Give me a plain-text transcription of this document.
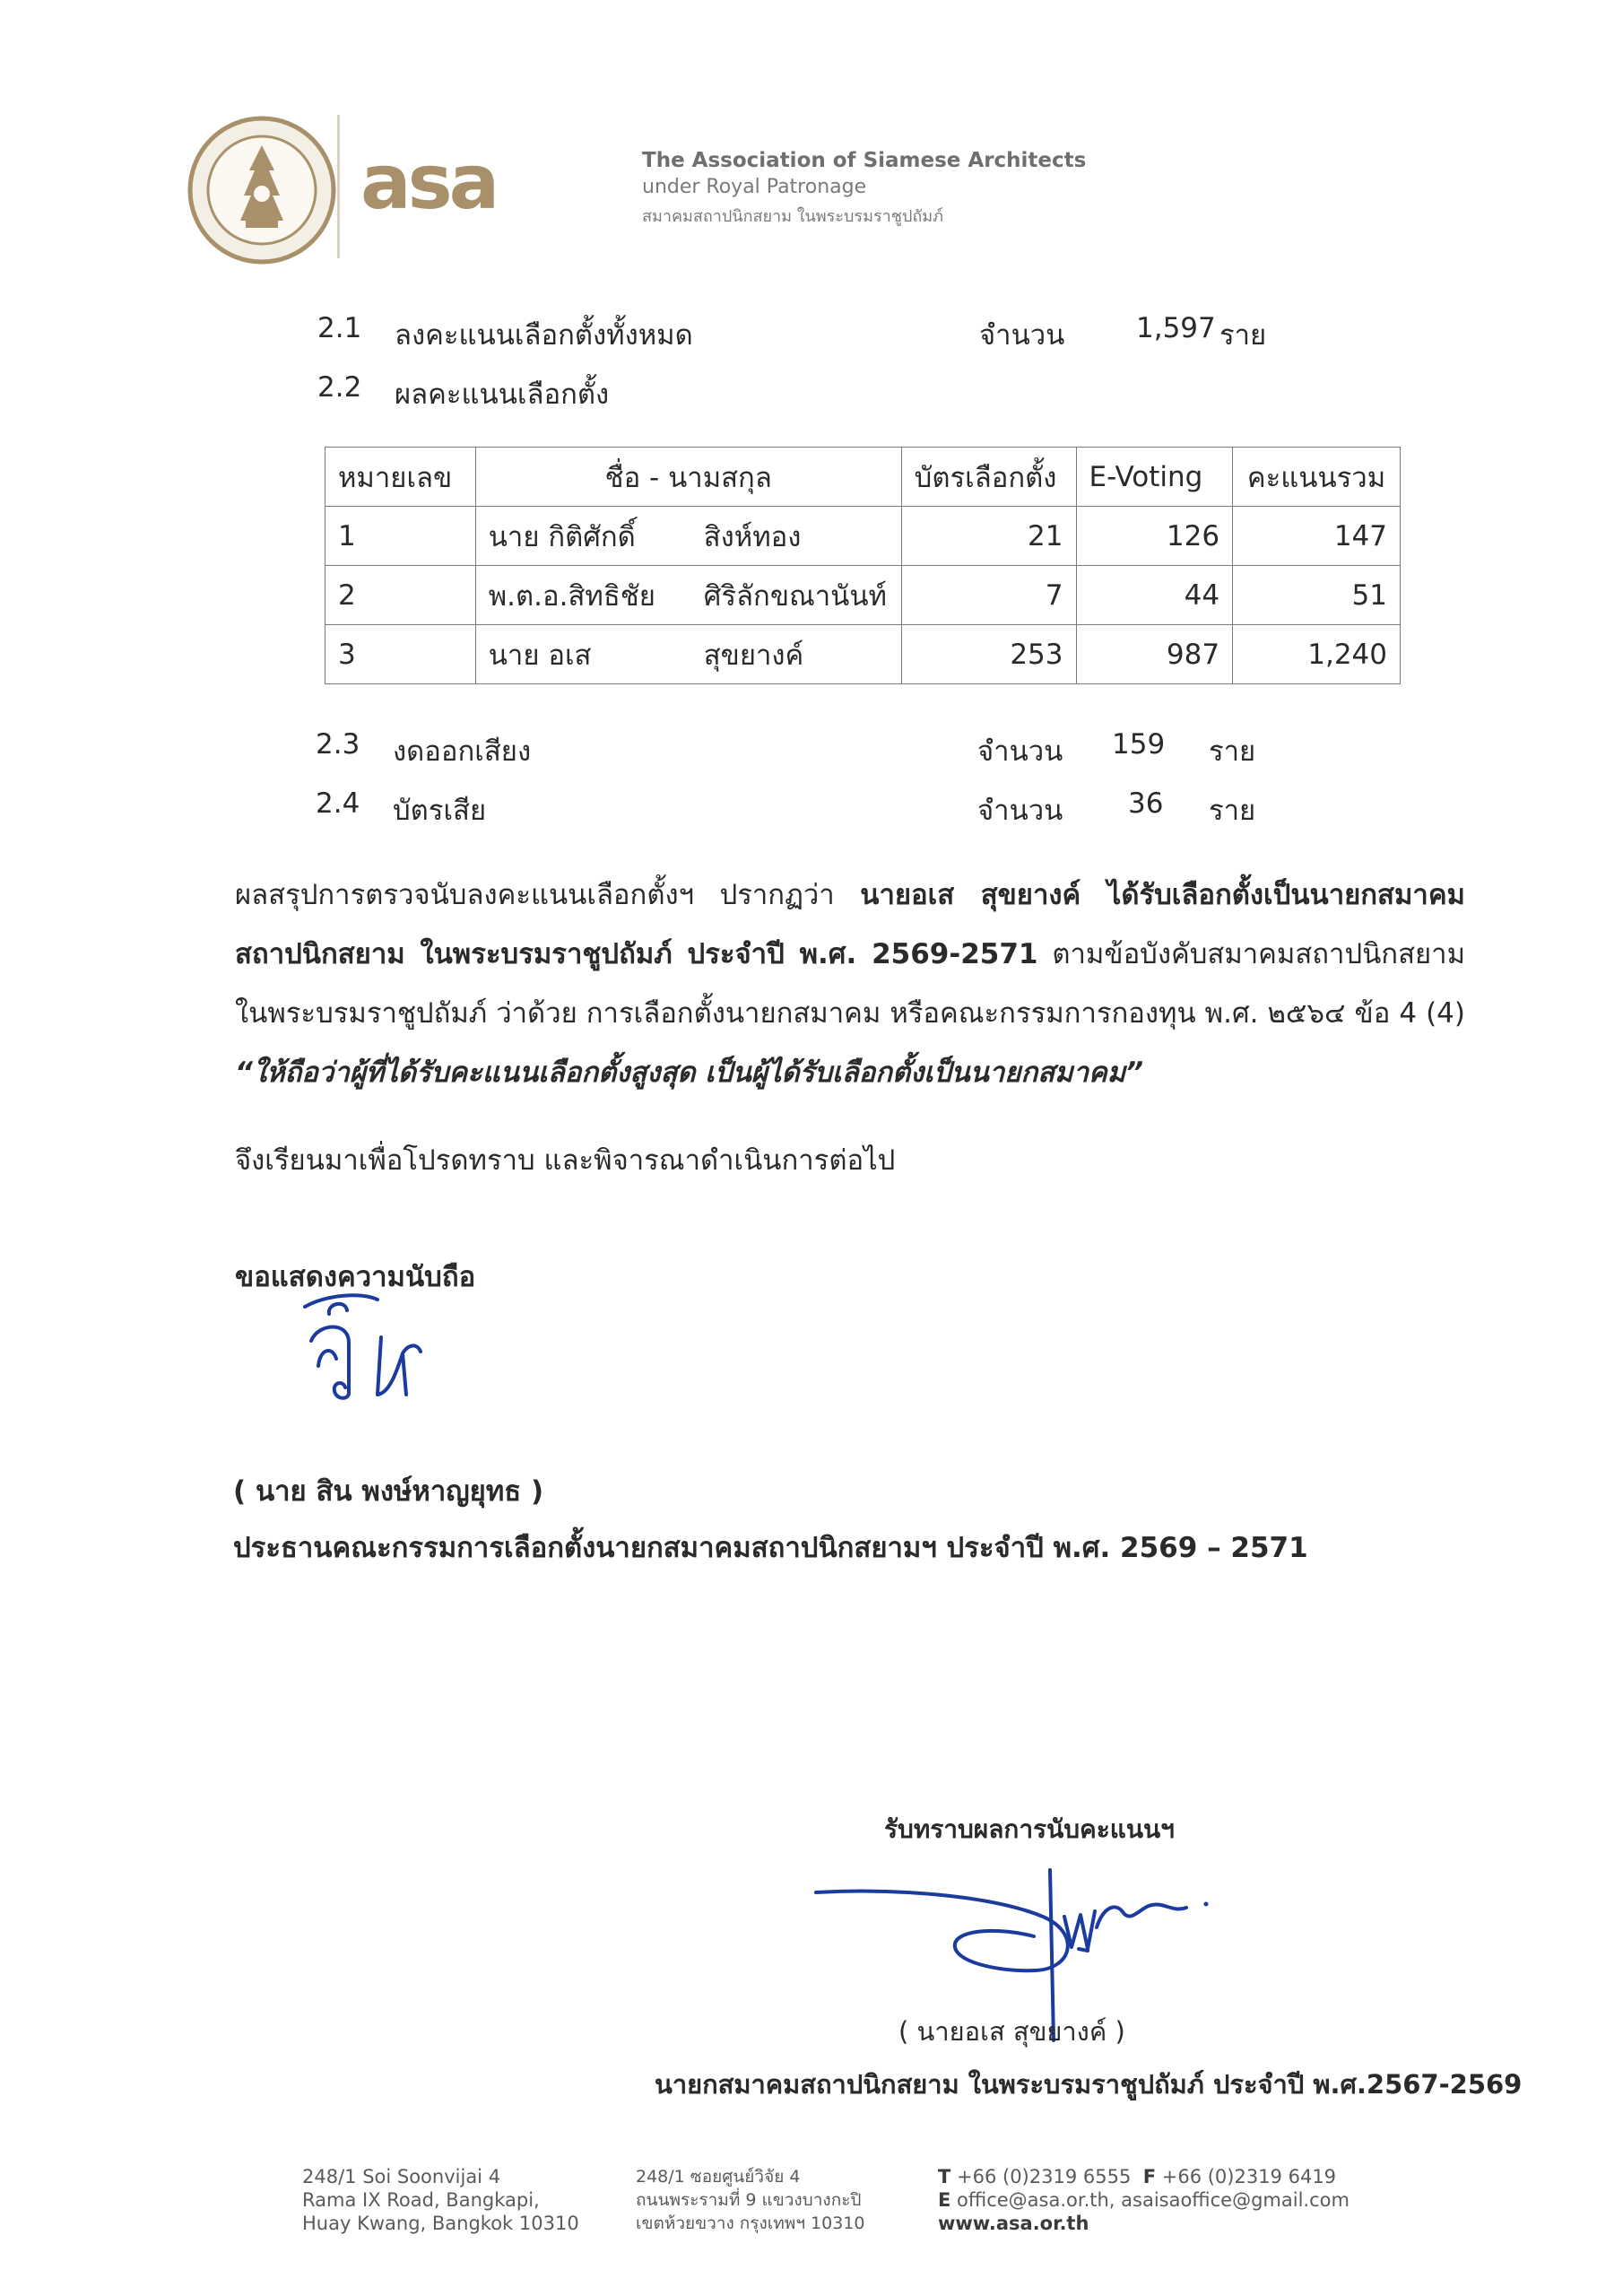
asa	The Association of Siamese Architects
under Royal Patronage
สมาคมสถาปนิกสยาม ในพระบรมราชูปถัมภ์
2.1 ลงคะแนนเลือกตั้งทั้งหมด	จำนวน	1,597 ราย
2.2 ผลคะแนนเลือกตั้ง
หมายเลข	ชื่อ - นามสกุล	บัตรเลือกตั้ง	E-Voting	คะแนนรวม
1	นาย กิติศักดิ์ สิงห์ทอง	21	126	147
2	พ.ต.อ.สิทธิชัย ศิริลักขณานันท์	7	44	51
3	นาย อเส สุขยางค์	253	987	1,240
2.3 งดออกเสียง	จำนวน 159 ราย
2.4 บัตรเสีย	จำนวน 36 ราย
ผลสรุปการตรวจนับลงคะแนนเลือกตั้งฯ ปรากฏว่า นายอเส สุขยางค์ ได้รับเลือกตั้งเป็นนายกสมาคม สถาปนิกสยาม ในพระบรมราชูปถัมภ์ ประจำปี พ.ศ. 2569-2571 ตามข้อบังคับสมาคมสถาปนิกสยาม ในพระบรมราชูปถัมภ์ ว่าด้วย การเลือกตั้งนายกสมาคม หรือคณะกรรมการกองทุน พ.ศ. ๒๕๖๔ ข้อ 4 (4) “ให้ถือว่าผู้ที่ได้รับคะแนนเลือกตั้งสูงสุด เป็นผู้ได้รับเลือกตั้งเป็นนายกสมาคม”
จึงเรียนมาเพื่อโปรดทราบ และพิจารณาดำเนินการต่อไป
ขอแสดงความนับถือ
( นาย สิน พงษ์หาญยุทธ )
ประธานคณะกรรมการเลือกตั้งนายกสมาคมสถาปนิกสยามฯ ประจำปี พ.ศ. 2569 – 2571
รับทราบผลการนับคะแนนฯ
( นายอเส สุขยางค์ )
นายกสมาคมสถาปนิกสยาม ในพระบรมราชูปถัมภ์ ประจำปี พ.ศ.2567-2569
248/1 Soi Soonvijai 4
Rama IX Road, Bangkapi,
Huay Kwang, Bangkok 10310
248/1 ซอยศูนย์วิจัย 4
ถนนพระรามที่ 9 แขวงบางกะปิ
เขตห้วยขวาง กรุงเทพฯ 10310
T +66 (0)2319 6555 F +66 (0)2319 6419
E office@asa.or.th, asaisaoffice@gmail.com
www.asa.or.th
